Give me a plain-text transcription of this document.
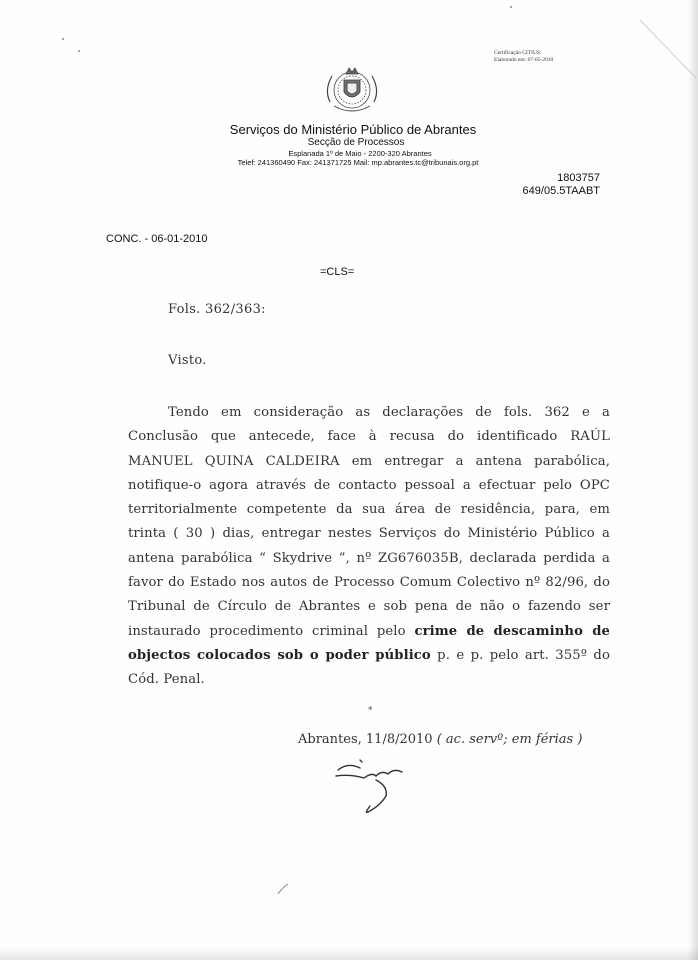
Certificação CITIUS:
Elaborado em: 07-05-2010
Serviços do Ministério Público de Abrantes
Secção de Processos
Esplanada 1º de Maio - 2200-320 Abrantes
Telef: 241360490 Fax: 241371725 Mail: mp.abrantes.tc@tribunais.org.pt
1803757
649/05.5TAABT
CONC. - 06-01-2010
=CLS=
Fols. 362/363:
Visto.
Tendo em consideração as declarações de fols. 362 e a Conclusão que antecede, face à recusa do identificado RAÚL MANUEL QUINA CALDEIRA em entregar a antena parabólica, notifique-o agora através de contacto pessoal a efectuar pelo OPC territorialmente competente da sua área de residência, para, em trinta ( 30 ) dias, entregar nestes Serviços do Ministério Público a antena parabólica “ Skydrive ”, nº ZG676035B, declarada perdida a favor do Estado nos autos de Processo Comum Colectivo nº 82/96, do Tribunal de Círculo de Abrantes e sob pena de não o fazendo ser instaurado procedimento criminal pelo crime de descaminho de objectos colocados sob o poder público p. e p. pelo art. 355º do Cód. Penal.
*
Abrantes, 11/8/2010 ( ac. servº; em férias )
